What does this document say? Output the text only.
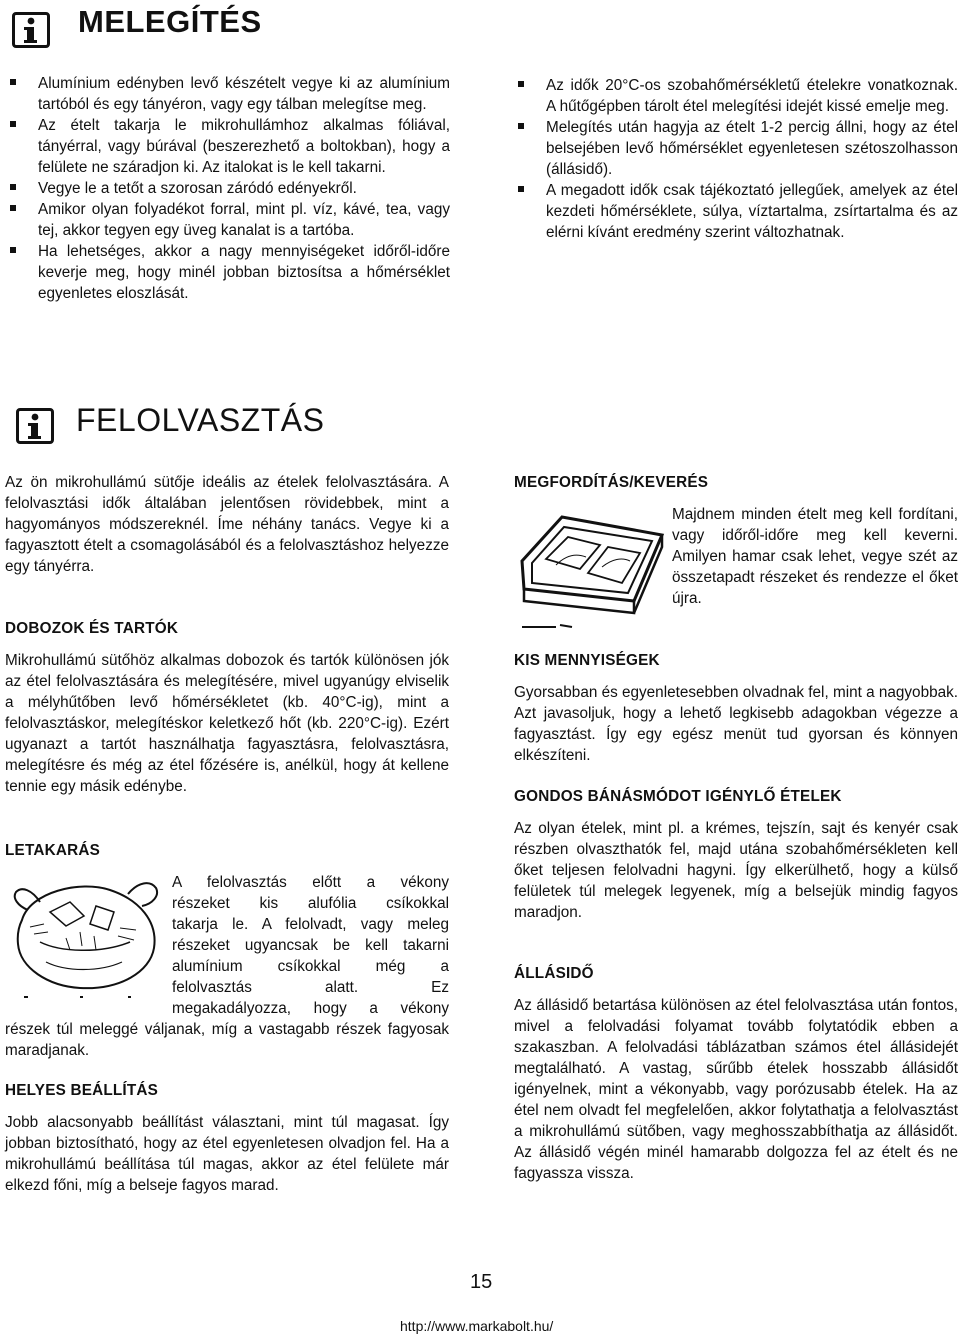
MELEGÍTÉS
Alumínium edényben levő készételt vegye ki az alumínium tartóból és egy tányéron, vagy egy tálban melegítse meg.
Az ételt takarja le mikrohullámhoz alkalmas fóliával, tányérral, vagy búrával (beszerezhető a boltokban), hogy a felülete ne száradjon ki. Az italokat is le kell takarni.
Vegye le a tetőt a szorosan záródó edényekről.
Amikor olyan folyadékot forral, mint pl. víz, kávé, tea, vagy tej, akkor tegyen egy üveg kanalat is a tartóba.
Ha lehetséges, akkor a nagy mennyiségeket időről-időre keverje meg, hogy minél jobban biztosítsa a hőmérséklet egyenletes eloszlását.
Az idők 20°C-os szobahőmérsékletű ételekre vonatkoznak. A hűtőgépben tárolt étel melegítési idejét kissé emelje meg.
Melegítés után hagyja az ételt 1-2 percig állni, hogy az étel belsejében levő hőmérséklet egyenletesen szétoszolhasson (állásidő).
A megadott idők csak tájékoztató jellegűek, amelyek az étel kezdeti hőmérséklete, súlya, víztartalma, zsírtartalma és az elérni kívánt eredmény szerint változhatnak.
FELOLVASZTÁS

Az ön mikrohullámú sütője ideális az ételek felolvasztására. A felolvasztási idők általában jelentősen rövidebbek, mint a hagyományos módszereknél. Íme néhány tanács. Vegye ki a fagyasztott ételt a csomagolásából és a felolvasztáshoz helyezze egy tányérra.

DOBOZOK ÉS TARTÓK

Mikrohullámú sütőhöz alkalmas dobozok és tartók különösen jók az étel felolvasztására és melegítésére, mivel ugyanúgy elviselik a mélyhűtőben levő hőmérsékletet (kb. 40°C-ig), mint a felolvasztáskor, melegítéskor keletkező hőt (kb. 220°C-ig). Ezért ugyanazt a tartót használhatja fagyasztásra, felolvasztásra, melegítésre és még az étel főzésére is, anélkül, hogy át kellene tennie egy másik edénybe.

LETAKARÁS
A felolvasztás előtt a vékony
részeket kis alufólia csíkokkal
takarja le. A felolvadt, vagy meleg
részeket ugyancsak be kell takarni
alumínium csíkokkal még a
felolvasztás alatt. Ez
megakadályozza, hogy a vékony

részek túl meleggé váljanak, míg a vastagabb részek fagyosak maradjanak.

HELYES BEÁLLÍTÁS

Jobb alacsonyabb beállítást választani, mint túl magasat. Így jobban biztosítható, hogy az étel egyenletesen olvadjon fel. Ha a mikrohullámú beállítása túl magas, akkor az étel felülete már elkezd főni, míg a belseje fagyos marad.

MEGFORDÍTÁS/KEVERÉS

Majdnem minden ételt meg kell fordítani, vagy időről-időre meg kell keverni. Amilyen hamar csak lehet, vegye szét az összetapadt részeket és rendezze el őket újra.

KIS MENNYISÉGEK

Gyorsabban és egyenletesebben olvadnak fel, mint a nagyobbak. Azt javasoljuk, hogy a lehető legkisebb adagokban végezze a fagyasztást. Így egy egész menüt tud gyorsan és könnyen elkészíteni.

GONDOS BÁNÁSMÓDOT IGÉNYLŐ ÉTELEK

Az olyan ételek, mint pl. a krémes, tejszín, sajt és kenyér csak részben olvaszthatók fel, majd utána szobahőmérsékleten kell őket teljesen felolvadni hagyni. Így elkerülhető, hogy a külső felületek túl melegek legyenek, míg a belsejük mindig fagyos maradjon.

ÁLLÁSIDŐ

Az állásidő betartása különösen az étel felolvasztása után fontos, mivel a felolvadási folyamat tovább folytatódik ebben a szakaszban. A felolvadási táblázatban számos étel állásidejét megtalálható. A vastag, sűrűbb ételek hosszabb állásidőt igényelnek, mint a vékonyabb, vagy porózusabb ételek. Ha az étel nem olvadt fel megfelelően, akkor folytathatja a felolvasztást a mikrohullámú sütőben, vagy meghosszabbíthatja az állásidőt. Az állásidő végén minél hamarabb dolgozza fel az ételt és ne fagyassza vissza.

15
http://www.markabolt.hu/
